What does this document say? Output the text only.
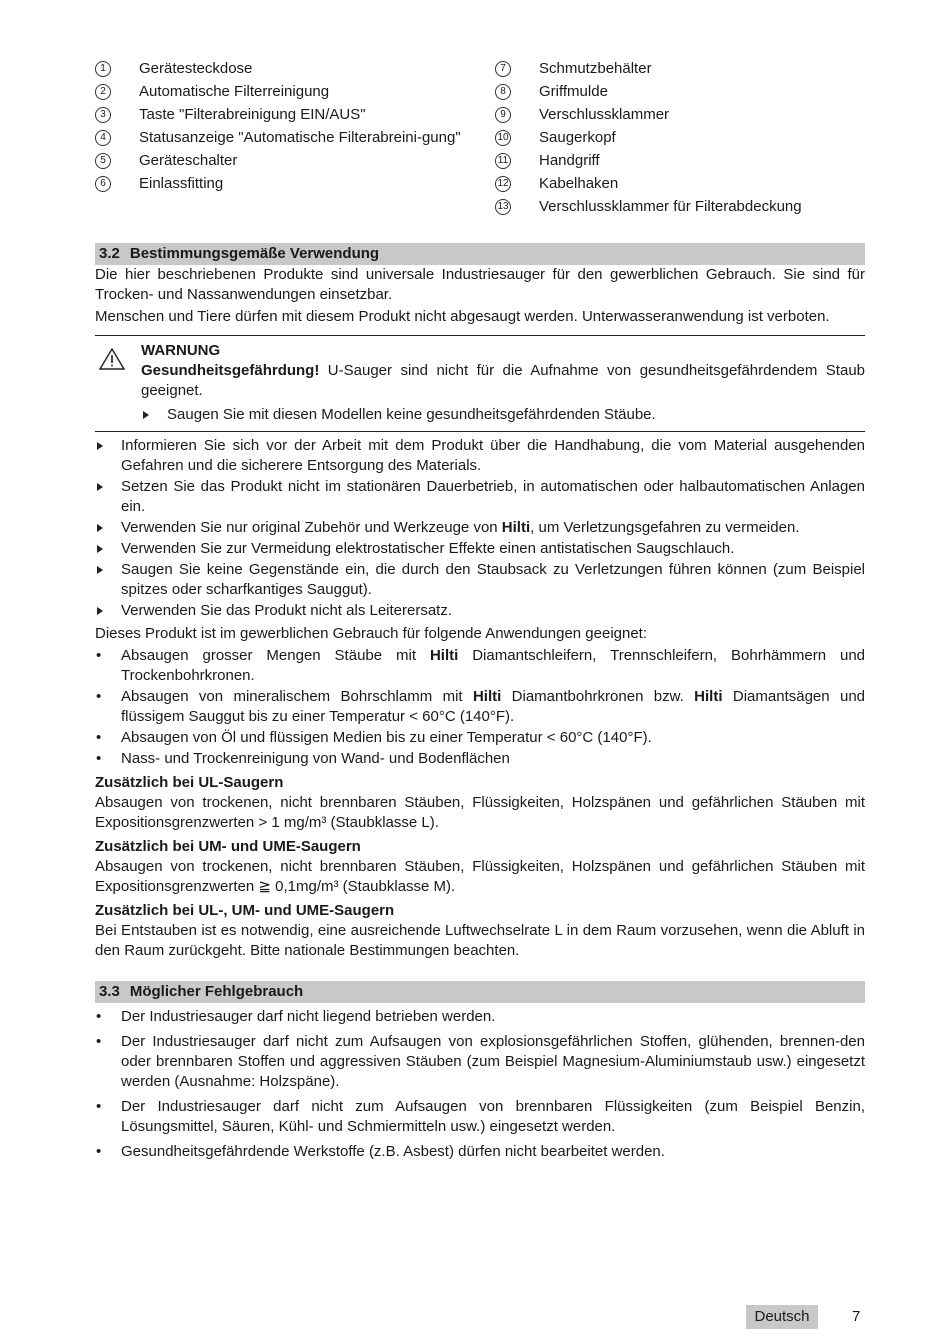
1	Gerätesteckdose
2	Automatische Filterreinigung
3	Taste "Filterabreinigung EIN/AUS"
4	Statusanzeige "Automatische Filterabreini-gung"
5	Geräteschalter
6	Einlassfitting
7	Schmutzbehälter
8	Griffmulde
9	Verschlussklammer
10 Saugerkopf
11 Handgriff
12 Kabelhaken
13 Verschlussklammer für Filterabdeckung
3.2 Bestimmungsgemäße Verwendung

Die hier beschriebenen Produkte sind universale Industriesauger für den gewerblichen Gebrauch. Sie sind für Trocken- und Nassanwendungen einsetzbar.

Menschen und Tiere dürfen mit diesem Produkt nicht abgesaugt werden. Unterwasseranwendung ist verboten.

WARNUNG

Gesundheitsgefährdung! U-Sauger sind nicht für die Aufnahme von gesundheitsgefährdendem Staub geeignet.

Saugen Sie mit diesen Modellen keine gesundheitsgefährdenden Stäube.
Informieren Sie sich vor der Arbeit mit dem Produkt über die Handhabung, die vom Material ausgehenden Gefahren und die sicherere Entsorgung des Materials.
Setzen Sie das Produkt nicht im stationären Dauerbetrieb, in automatischen oder halbautomatischen Anlagen ein.
Verwenden Sie nur original Zubehör und Werkzeuge von Hilti, um Verletzungsgefahren zu vermeiden.
Verwenden Sie zur Vermeidung elektrostatischer Effekte einen antistatischen Saugschlauch.
Saugen Sie keine Gegenstände ein, die durch den Staubsack zu Verletzungen führen können (zum Beispiel spitzes oder scharfkantiges Sauggut).
Verwenden Sie das Produkt nicht als Leiterersatz.

Dieses Produkt ist im gewerblichen Gebrauch für folgende Anwendungen geeignet:

• Absaugen grosser Mengen Stäube mit Hilti Diamantschleifern, Trennschleifern, Bohrhämmern und Trockenbohrkronen.
• Absaugen von mineralischem Bohrschlamm mit Hilti Diamantbohrkronen bzw. Hilti Diamantsägen und flüssigem Sauggut bis zu einer Temperatur < 60°C (140°F).
• Absaugen von Öl und flüssigen Medien bis zu einer Temperatur < 60°C (140°F).
• Nass- und Trockenreinigung von Wand- und Bodenflächen
Zusätzlich bei UL-Saugern

Absaugen von trockenen, nicht brennbaren Stäuben, Flüssigkeiten, Holzspänen und gefährlichen Stäuben mit Expositionsgrenzwerten > 1 mg/m³ (Staubklasse L).

Zusätzlich bei UM- und UME-Saugern

Absaugen von trockenen, nicht brennbaren Stäuben, Flüssigkeiten, Holzspänen und gefährlichen Stäuben mit Expositionsgrenzwerten ≧ 0,1mg/m³ (Staubklasse M).

Zusätzlich bei UL-, UM- und UME-Saugern

Bei Entstauben ist es notwendig, eine ausreichende Luftwechselrate L in dem Raum vorzusehen, wenn die Abluft in den Raum zurückgeht. Bitte nationale Bestimmungen beachten.

3.3 Möglicher Fehlgebrauch
• Der Industriesauger darf nicht liegend betrieben werden.
• Der Industriesauger darf nicht zum Aufsaugen von explosionsgefährlichen Stoffen, glühenden, brennen-den oder brennbaren Stoffen und aggressiven Stäuben (zum Beispiel Magnesium-Aluminiumstaub usw.) eingesetzt werden (Ausnahme: Holzspäne).
• Der Industriesauger darf nicht zum Aufsaugen von brennbaren Flüssigkeiten (zum Beispiel Benzin, Lösungsmittel, Säuren, Kühl- und Schmiermitteln usw.) eingesetzt werden.
• Gesundheitsgefährdende Werkstoffe (z.B. Asbest) dürfen nicht bearbeitet werden.
Deutsch	7
